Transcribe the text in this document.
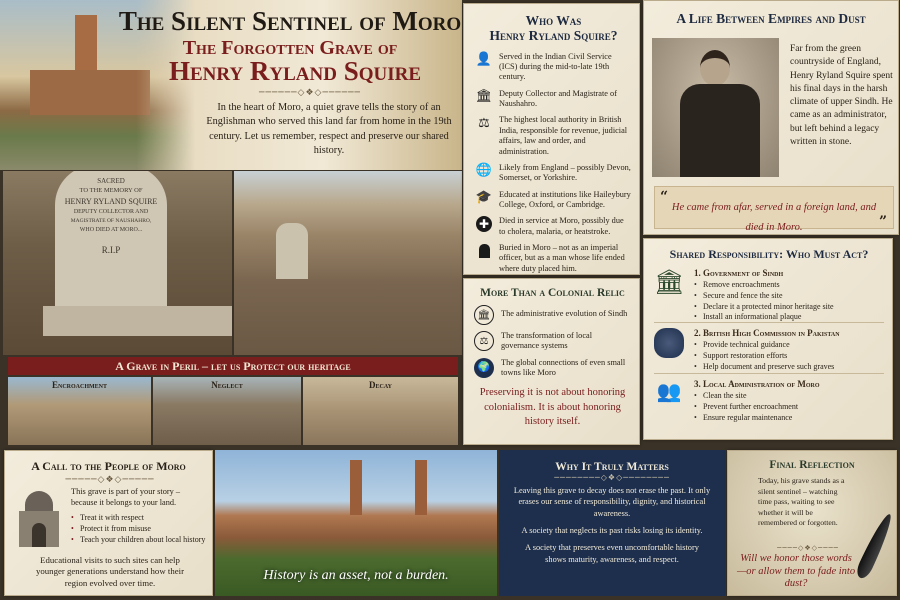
The Silent Sentinel of Moro
The Forgotten Grave of
Henry Ryland Squire
──────◇❖◇──────
In the heart of Moro, a quiet grave tells the story of an Englishman who served this land far from home in the 19th century. Let us remember, respect and preserve our shared history.
SACRED
TO THE MEMORY OF
HENRY RYLAND SQUIRE
DEPUTY COLLECTOR AND
MAGISTRATE OF NAUSHAHRO,
WHO DIED AT MORO...
R.I.P
A Grave in Peril – let us Protect our heritage
Encroachment	Neglect	Decay
Who Was
Henry Ryland Squire?
👤 Served in the Indian Civil Service (ICS) during the mid-to-late 19th century.
🏛 Deputy Collector and Magistrate of Naushahro.
⚖ The highest local authority in British India, responsible for revenue, judicial affairs, law and order, and administration.
🌐 Likely from England – possibly Devon, Somerset, or Yorkshire.
🎓 Educated at institutions like Haileybury College, Oxford, or Cambridge.
✚	Died in service at Moro, possibly due to cholera, malaria, or heatstroke.
Buried in Moro – not as an imperial officer, but as a man whose life ended where duty placed him.
A Life Between Empires and Dust
Far from the green countryside of England, Henry Ryland Squire spent his final days in the harsh climate of upper Sindh. He came as an administrator, but left behind a legacy written in stone.
“
He came from afar, served in a foreign land, and died in Moro.	”
More Than a Colonial Relic
🏛	The administrative evolution of Sindh
⚖	The transformation of local governance systems
🌍	The global connections of even small towns like Moro
Preserving it is not about honoring colonialism. It is about honoring history itself.
Shared Responsibility: Who Must Act?
🏛 1. Government of Sindh
• Remove encroachments
• Secure and fence the site
• Declare it a protected minor heritage site
• Install an informational plaque
2. British High Commission in Pakistan
• Provide technical guidance
• Support restoration efforts
• Help document and preserve such graves
👥 3. Local Administration of Moro
• Clean the site
• Prevent further encroachment
• Ensure regular maintenance
A Call to the People of Moro
─────◇❖◇─────
This grave is part of your story – because it belongs to your land.
• Treat it with respect
• Protect it from misuse
• Teach your children about local history
Educational visits to such sites can help younger generations understand how their region evolved over time.	History is an asset, not a burden.
Why It Truly Matters
────────◇❖◇────────
Leaving this grave to decay does not erase the past. It only erases our sense of responsibility, dignity, and historical awareness.
A society that neglects its past risks losing its identity.
A society that preserves even uncomfortable history shows maturity, awareness, and respect.
Final Reflection
Today, his grave stands as a silent sentinel – watching time pass, waiting to see whether it will be remembered or forgotten.
────◇❖◇────
Will we honor those words—or allow them to fade into dust?
